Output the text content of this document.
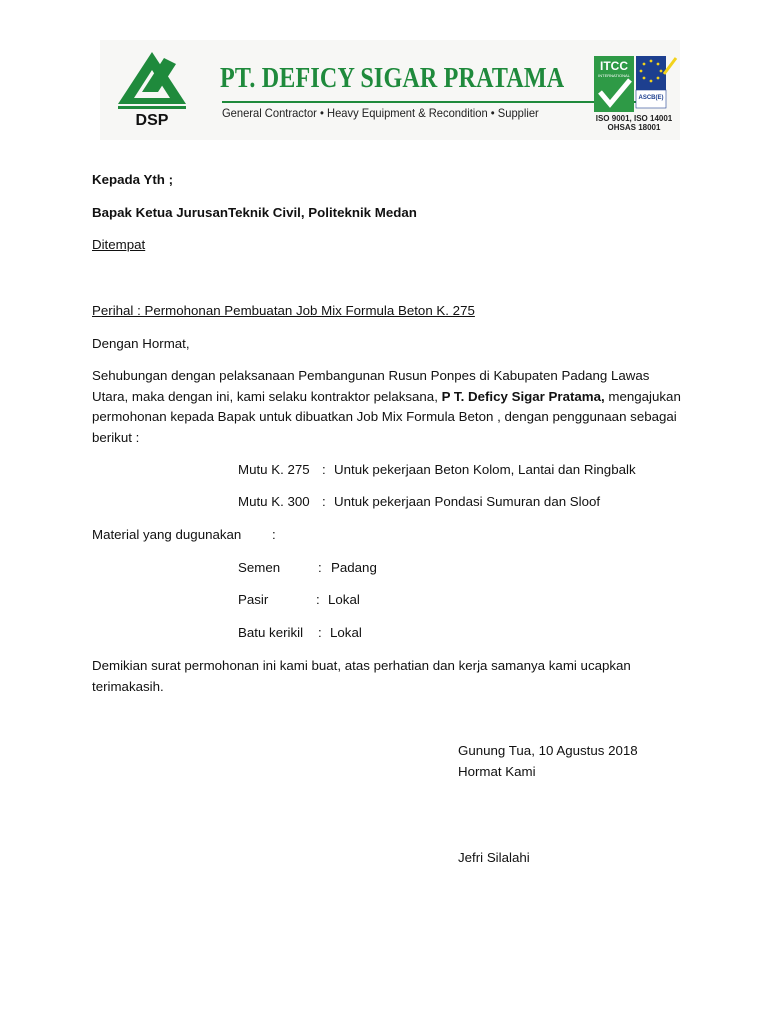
DSP
PT. DEFICY SIGAR PRATAMA
General Contractor • Heavy Equipment & Recondition • Supplier
ITCC
INTERNATIONAL
ASCB(E)
ISO 9001, ISO 14001
OHSAS 18001
Kepada Yth ;
Bapak Ketua JurusanTeknik Civil, Politeknik Medan
Ditempat
Perihal : Permohonan Pembuatan Job Mix Formula Beton K. 275
Dengan Hormat,
Sehubungan dengan pelaksanaan Pembangunan Rusun Ponpes di Kabupaten Padang Lawas Utara, maka dengan ini, kami selaku kontraktor pelaksana, P T. Deficy Sigar Pratama, mengajukan permohonan kepada Bapak untuk dibuatkan Job Mix Formula Beton , dengan penggunaan sebagai berikut :
Mutu K. 275 : Untuk pekerjaan Beton Kolom, Lantai dan Ringbalk
Mutu K. 300 : Untuk pekerjaan Pondasi Sumuran dan Sloof
Material yang dugunakan :
Semen	: Padang
Pasir	: Lokal
Batu kerikil : Lokal
Demikian surat permohonan ini kami buat, atas perhatian dan kerja samanya kami ucapkan terimakasih.
Gunung Tua, 10 Agustus 2018
Hormat Kami
Jefri Silalahi
